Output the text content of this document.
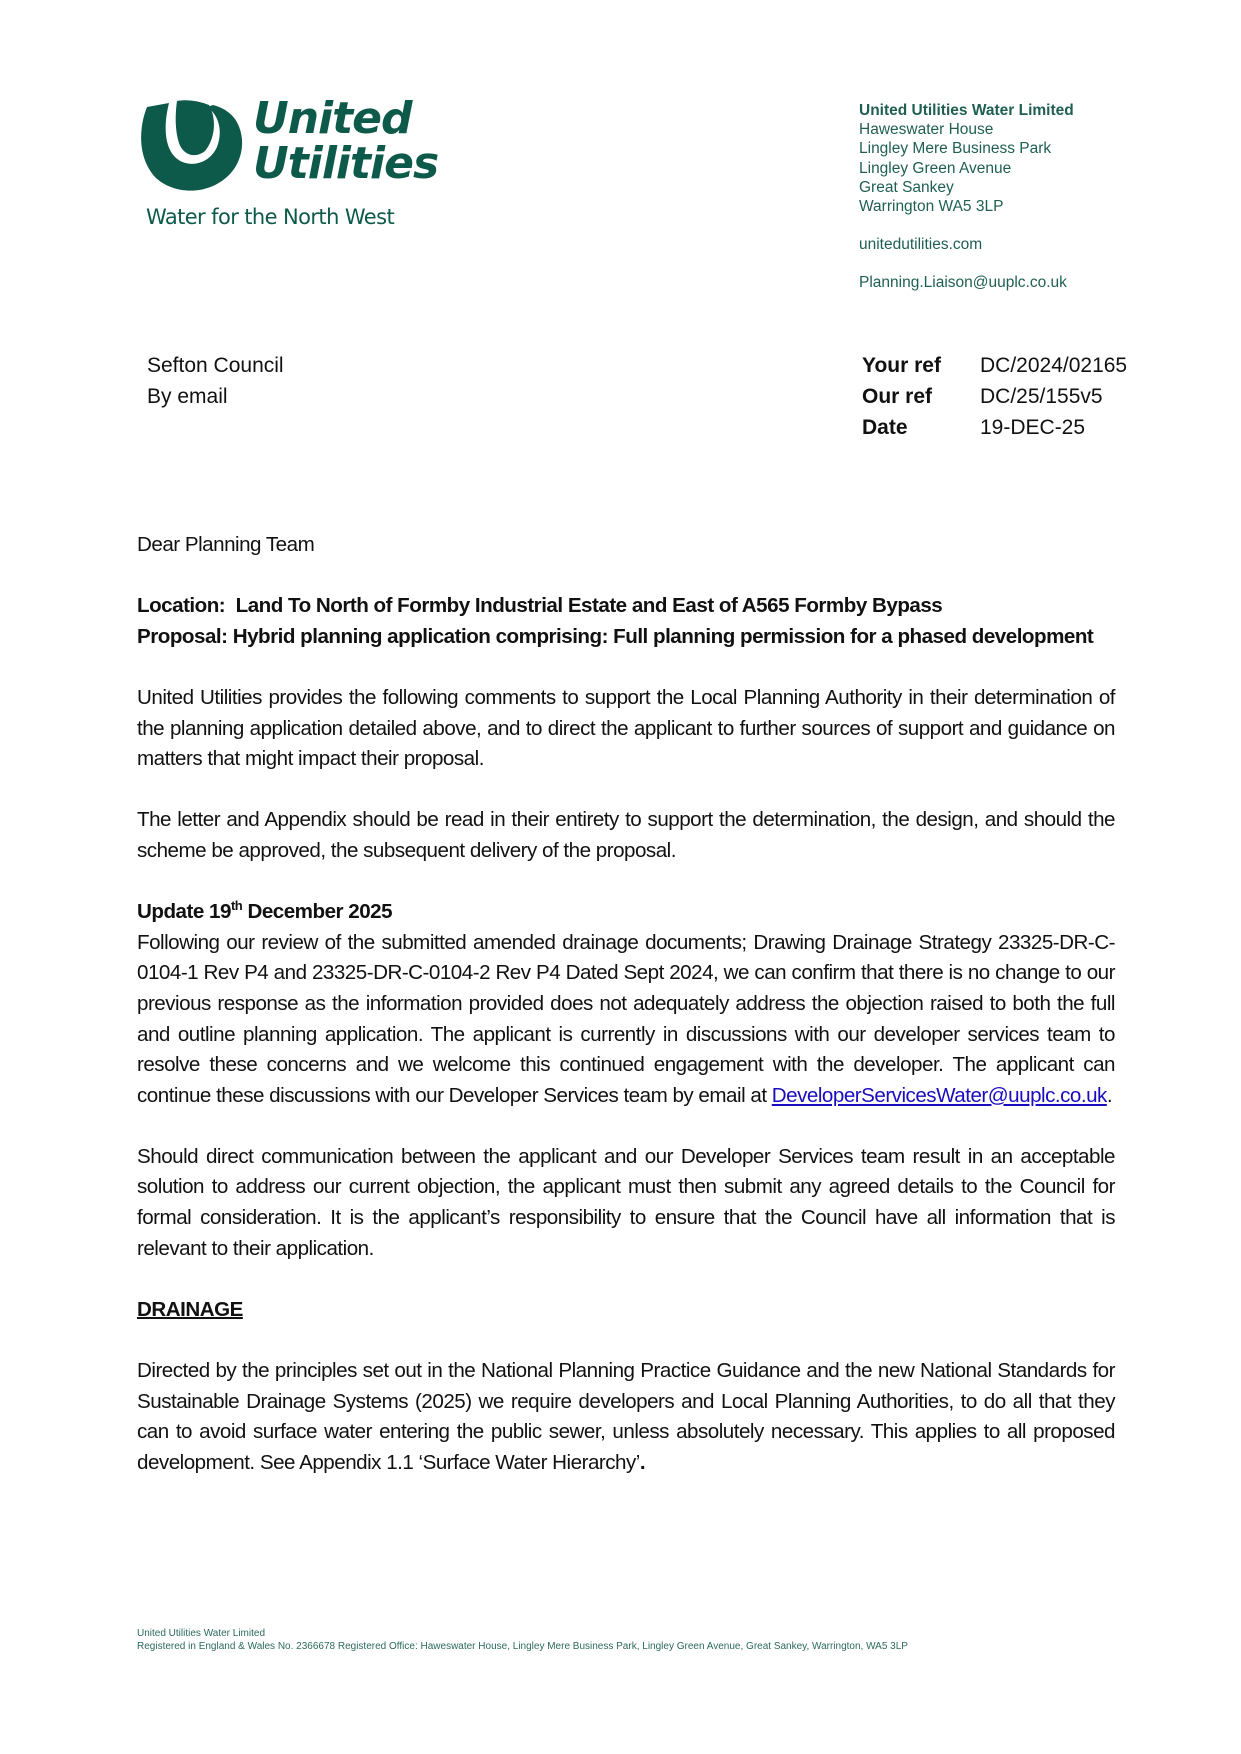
United
Utilities
Water for the North West
United Utilities Water Limited
Haweswater House
Lingley Mere Business Park
Lingley Green Avenue
Great Sankey
Warrington WA5 3LP
unitedutilities.com
Planning.Liaison@uuplc.co.uk
Sefton Council
By email
Your ref	DC/2024/02165
Our ref	DC/25/155v5
Date	19-DEC-25

Dear Planning Team

Location: Land To North of Formby Industrial Estate and East of A565 Formby Bypass

Proposal: Hybrid planning application comprising: Full planning permission for a phased development

United Utilities provides the following comments to support the Local Planning Authority in their determination of the planning application detailed above, and to direct the applicant to further sources of support and guidance on matters that might impact their proposal.

The letter and Appendix should be read in their entirety to support the determination, the design, and should the scheme be approved, the subsequent delivery of the proposal.

Update 19th December 2025

Following our review of the submitted amended drainage documents; Drawing Drainage Strategy 23325-DR-C-0104-1 Rev P4 and 23325-DR-C-0104-2 Rev P4 Dated Sept 2024, we can confirm that there is no change to our previous response as the information provided does not adequately address the objection raised to both the full and outline planning application. The applicant is currently in discussions with our developer services team to resolve these concerns and we welcome this continued engagement with the developer. The applicant can continue these discussions with our Developer Services team by email at DeveloperServicesWater@uuplc.co.uk.

Should direct communication between the applicant and our Developer Services team result in an acceptable solution to address our current objection, the applicant must then submit any agreed details to the Council for formal consideration. It is the applicant’s responsibility to ensure that the Council have all information that is relevant to their application.

DRAINAGE

Directed by the principles set out in the National Planning Practice Guidance and the new National Standards for Sustainable Drainage Systems (2025) we require developers and Local Planning Authorities, to do all that they can to avoid surface water entering the public sewer, unless absolutely necessary. This applies to all proposed development. See Appendix 1.1 ‘Surface Water Hierarchy’.

United Utilities Water Limited
Registered in England & Wales No. 2366678 Registered Office: Haweswater House, Lingley Mere Business Park, Lingley Green Avenue, Great Sankey, Warrington, WA5 3LP
